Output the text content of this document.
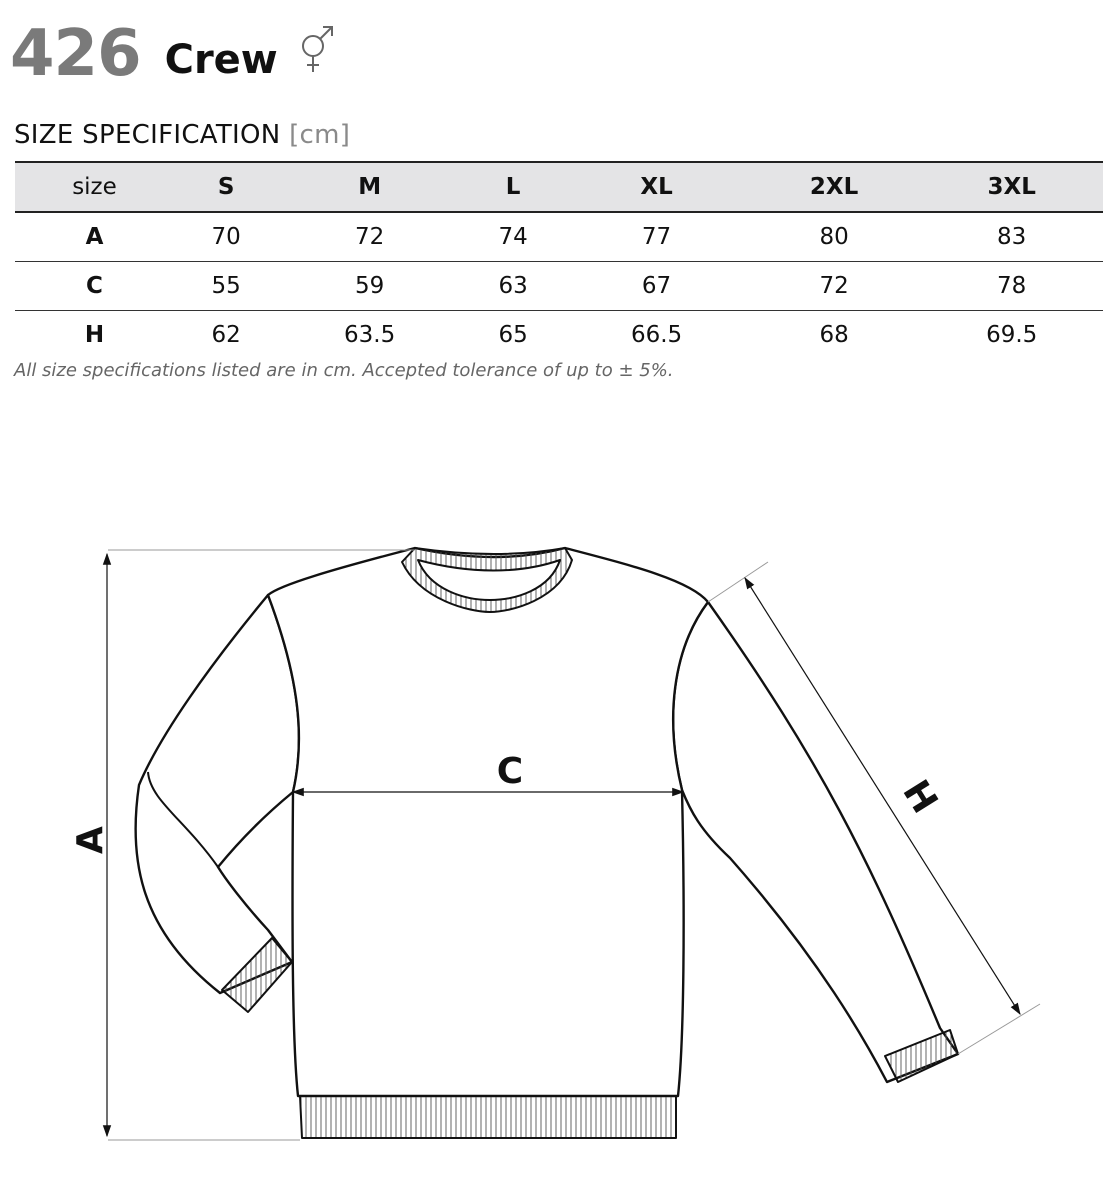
426 Crew
SIZE SPECIFICATION [cm]
size	S	M	L	XL	2XL	3XL
A	70	72	74	77	80	83
C	55	59	63	67	72	78
H	62	63.5	65	66.5	68	69.5
All size specifications listed are in cm. Accepted tolerance of up to ± 5%.
A
C
H
